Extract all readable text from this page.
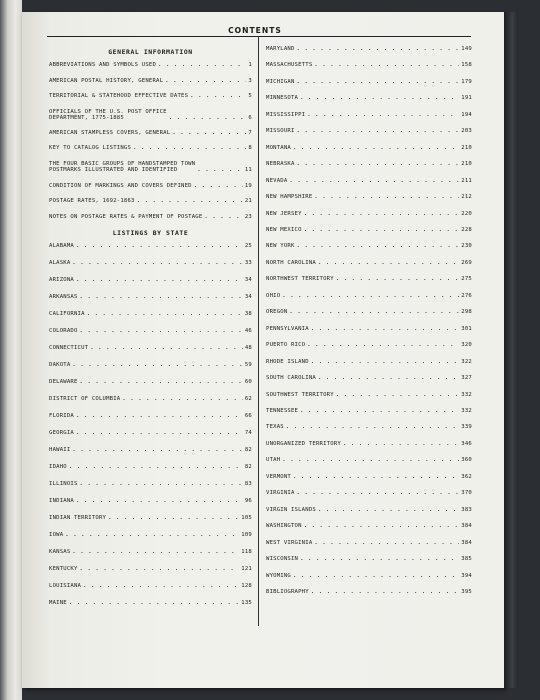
CONTENTS
GENERAL INFORMATION
ABBREVIATIONS AND SYMBOLS USED . . .	1
AMERICAN POSTAL HISTORY, GENERAL . . .	3
TERRITORIAL & STATEHOOD EFFECTIVE DATES . . .	5
OFFICIALS OF THE U.S. POST OFFICE
DEPARTMENT, 1775-1885 . . .	6
AMERICAN STAMPLESS COVERS, GENERAL . . .	7
KEY TO CATALOG LISTINGS . . .	8
THE FOUR BASIC GROUPS OF HANDSTAMPED TOWN
POSTMARKS ILLUSTRATED AND IDENTIFIED . . .	11
CONDITION OF MARKINGS AND COVERS DEFINED . . .	19
POSTAGE RATES, 1692-1863 . . .	21
NOTES ON POSTAGE RATES & PAYMENT OF POSTAGE . . .	23
LISTINGS BY STATE
ALABAMA . . .	25
ALASKA . . .	33
ARIZONA . . .	34
ARKANSAS . . .	34
CALIFORNIA . . .	38
COLORADO . . .	46
CONNECTICUT . . .	48
DAKOTA . . .	59
DELAWARE . . .	60
DISTRICT OF COLUMBIA . . .	62
FLORIDA . . .	66
GEORGIA . . .	74
HAWAII . . .	82
IDAHO . . .	82
ILLINOIS . . .	83
INDIANA . . .	96
INDIAN TERRITORY . . .	105
IOWA . . .	109
KANSAS . . .	118
KENTUCKY . . .	121
LOUISIANA . . .	128
MAINE . . .	135
MARYLAND . . .	149
MASSACHUSETTS . . .	158
MICHIGAN . . .	179
MINNESOTA . . .	191
MISSISSIPPI . . .	194
MISSOURI . . .	203
MONTANA . . .	210
NEBRASKA . . .	210
NEVADA . . .	211
NEW HAMPSHIRE . . .	212
NEW JERSEY . . .	220
NEW MEXICO . . .	228
NEW YORK . . .	230
NORTH CAROLINA . . .	269
NORTHWEST TERRITORY . . .	275
OHIO . . .	276
OREGON . . .	298
PENNSYLVANIA . . .	301
PUERTO RICO . . .	320
RHODE ISLAND . . .	322
SOUTH CAROLINA . . .	327
SOUTHWEST TERRITORY . . .	332
TENNESSEE . . .	332
TEXAS . . .	339
UNORGANIZED TERRITORY . . .	346
UTAH . . .	360
VERMONT . . .	362
VIRGINIA . . .	370
VIRGIN ISLANDS . . .	383
WASHINGTON . . .	384
WEST VIRGINIA . . .	384
WISCONSIN . . .	385
WYOMING . . .	394
BIBLIOGRAPHY . . .	395
